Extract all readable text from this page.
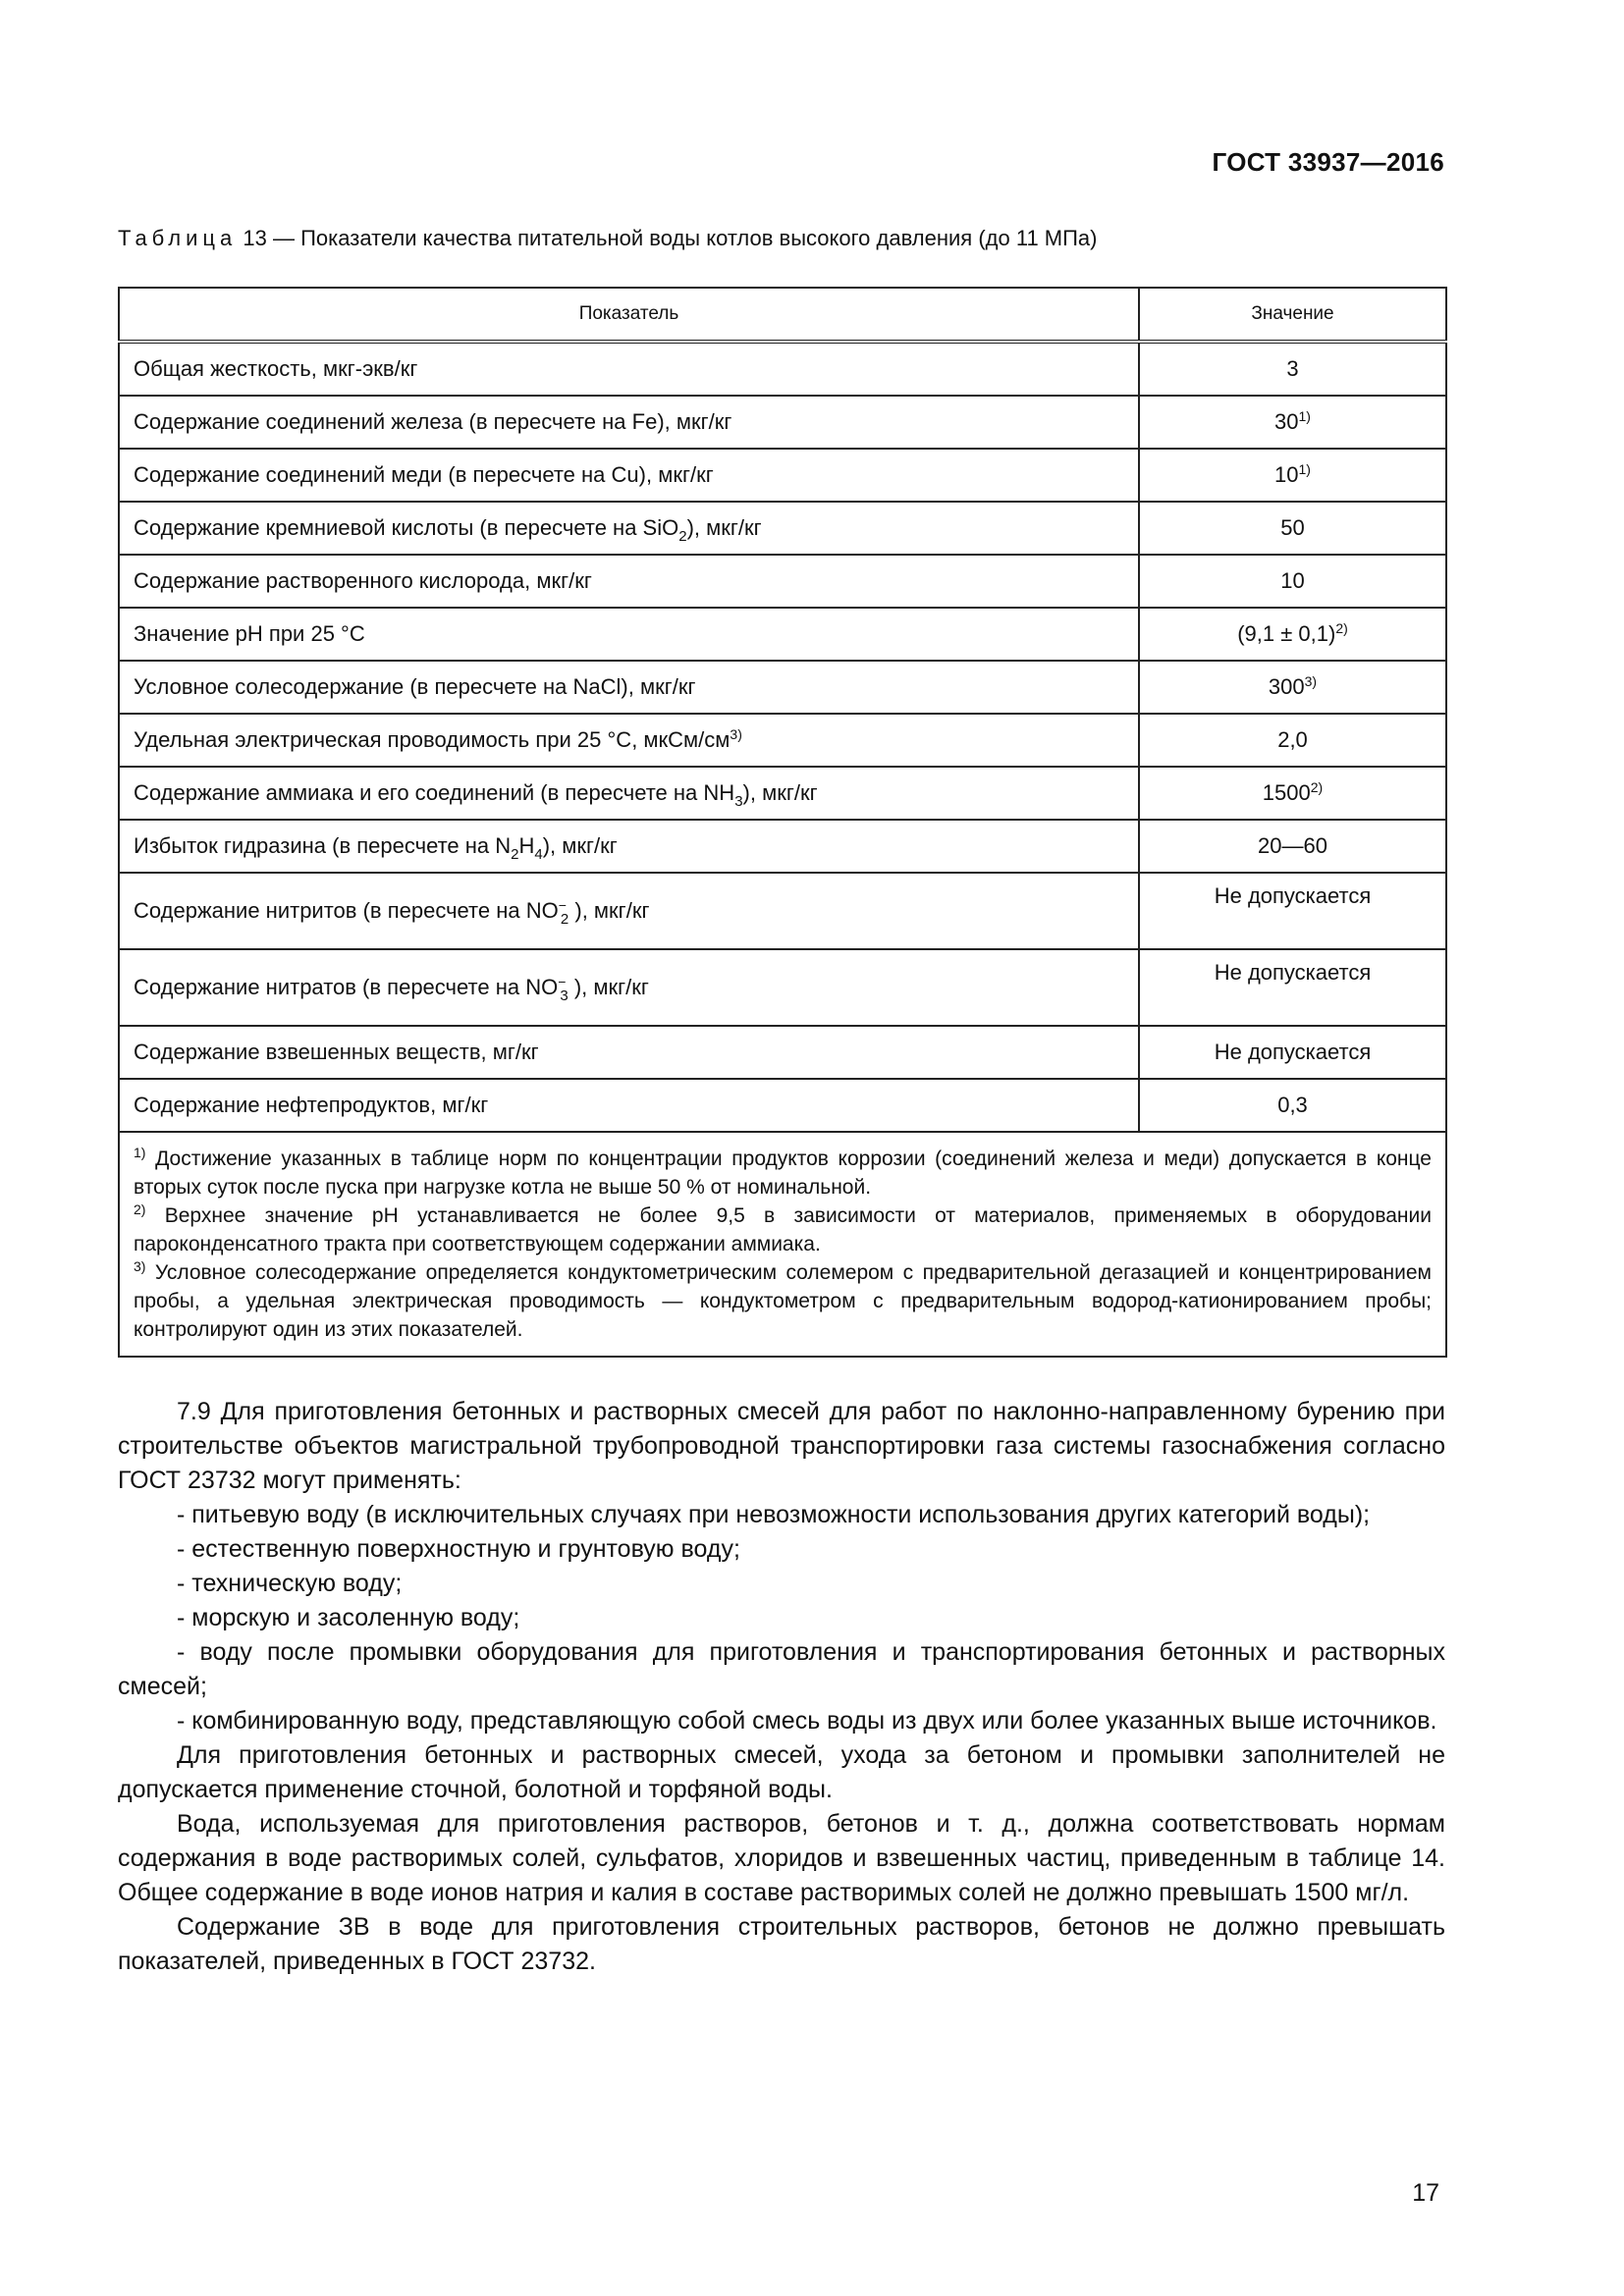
ГОСТ 33937—2016
Таблица 13 — Показатели качества питательной воды котлов высокого давления (до 11 МПа)
Показатель	Значение
Общая жесткость, мкг-экв/кг	3
Содержание соединений железа (в пересчете на Fe), мкг/кг	30$^{1)}$
Содержание соединений меди (в пересчете на Cu), мкг/кг	10$^{1)}$
Содержание кремниевой кислоты (в пересчете на SiO$_2$), мкг/кг	50
Содержание растворенного кислорода, мкг/кг	10
Значение pH при 25 °С	$(9,1 \pm 0,1)^{2)}$
Условное солесодержание (в пересчете на NaCl), мкг/кг	300$^{3)}$
Удельная электрическая проводимость при 25 °С, мкСм/$см^{3)}$	2,0
Содержание аммиака и его соединений (в пересчете на $NH_3$), мкг/кг	1500$^{2)}$
Избыток гидразина (в пересчете на $N_2H_4$), мкг/кг	20—60
Содержание нитритов (в пересчете на $NO^-_2$ ), мкг/кг	Не допускается
Содержание нитратов (в пересчете на $NO^-_3$ ), мкг/кг	Не допускается
Содержание взвешенных веществ, мг/кг	Не допускается
Содержание нефтепродуктов, мг/кг	0,3

$^{1)}$ Достижение указанных в таблице норм по концентрации продуктов коррозии (соединений железа и меди) допускается в конце вторых суток после пуска при нагрузке котла не выше 50 % от номинальной.

$^{2)}$ Верхнее значение pH устанавливается не более 9,5 в зависимости от материалов, применяемых в оборудовании пароконденсатного тракта при соответствующем содержании аммиака.

$^{3)}$ Условное солесодержание определяется кондуктометрическим солемером с предварительной дегазацией и концентрированием пробы, а удельная электрическая проводимость — кондуктометром с предварительным водород-катионированием пробы; контролируют один из этих показателей.	

7.9 Для приготовления бетонных и растворных смесей для работ по наклонно-направленному бурению при строительстве объектов магистральной трубопроводной транспортировки газа системы газоснабжения согласно ГОСТ 23732 могут применять:

- питьевую воду (в исключительных случаях при невозможности использования других категорий воды);

- естественную поверхностную и грунтовую воду;

- техническую воду;

- морскую и засоленную воду;

- воду после промывки оборудования для приготовления и транспортирования бетонных и растворных смесей;

- комбинированную воду, представляющую собой смесь воды из двух или более указанных выше источников.

Для приготовления бетонных и растворных смесей, ухода за бетоном и промывки заполнителей не допускается применение сточной, болотной и торфяной воды.

Вода, используемая для приготовления растворов, бетонов и т. д., должна соответствовать нормам содержания в воде растворимых солей, сульфатов, хлоридов и взвешенных частиц, приведенным в таблице 14. Общее содержание в воде ионов натрия и калия в составе растворимых солей не должно превышать 1500 мг/л.

Содержание ЗВ в воде для приготовления строительных растворов, бетонов не должно превышать показателей, приведенных в ГОСТ 23732.

17
